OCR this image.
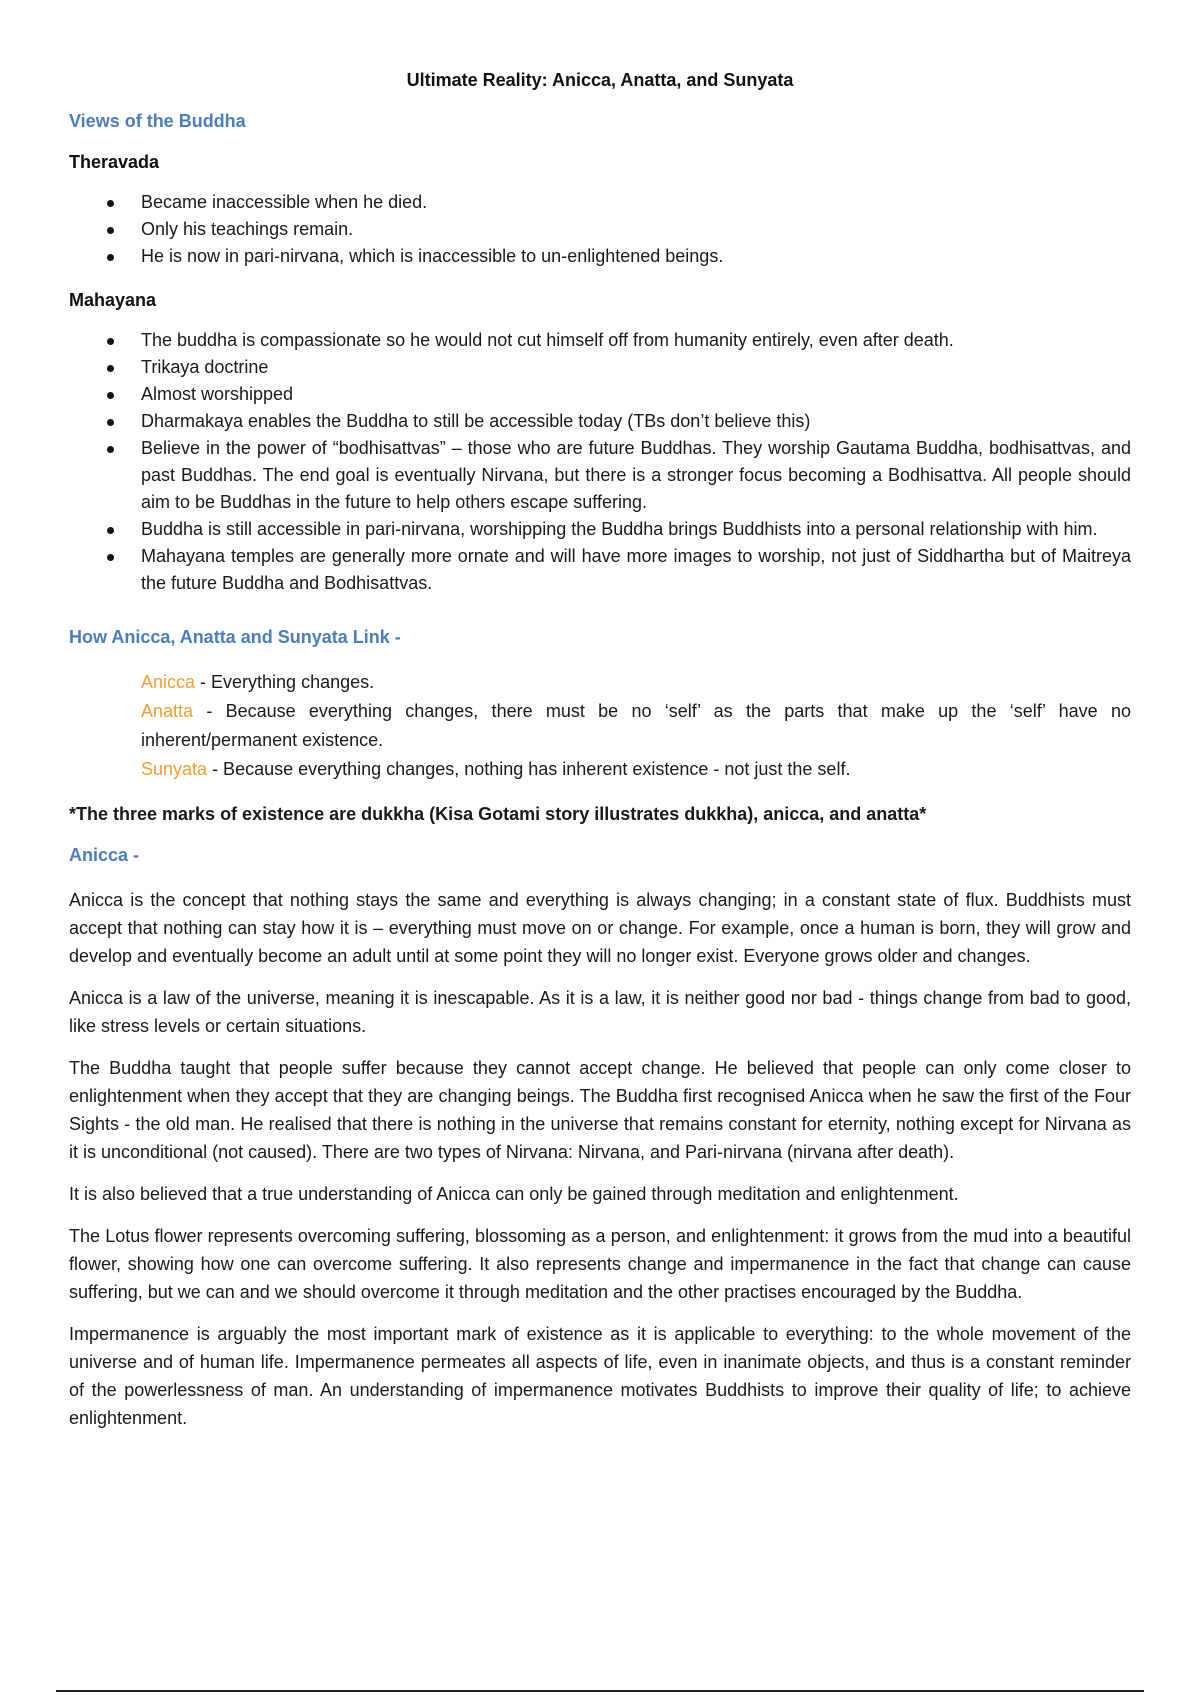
Ultimate Reality: Anicca, Anatta, and Sunyata

Views of the Buddha

Theravada

Became inaccessible when he died.
Only his teachings remain.
He is now in pari-nirvana, which is inaccessible to un-enlightened beings.

Mahayana

The buddha is compassionate so he would not cut himself off from humanity entirely, even after death.
Trikaya doctrine
Almost worshipped
Dharmakaya enables the Buddha to still be accessible today (TBs don’t believe this)
Believe in the power of “bodhisattvas” – those who are future Buddhas. They worship Gautama Buddha, bodhisattvas, and past Buddhas. The end goal is eventually Nirvana, but there is a stronger focus becoming a Bodhisattva. All people should aim to be Buddhas in the future to help others escape suffering.
Buddha is still accessible in pari-nirvana, worshipping the Buddha brings Buddhists into a personal relationship with him.
Mahayana temples are generally more ornate and will have more images to worship, not just of Siddhartha but of Maitreya the future Buddha and Bodhisattvas.

How Anicca, Anatta and Sunyata Link -

Anicca - Everything changes.

Anatta - Because everything changes, there must be no ‘self’ as the parts that make up the ‘self’ have no inherent/permanent existence.

Sunyata - Because everything changes, nothing has inherent existence - not just the self.

*The three marks of existence are dukkha (Kisa Gotami story illustrates dukkha), anicca, and anatta*

Anicca -

Anicca is the concept that nothing stays the same and everything is always changing; in a constant state of flux. Buddhists must accept that nothing can stay how it is – everything must move on or change. For example, once a human is born, they will grow and develop and eventually become an adult until at some point they will no longer exist. Everyone grows older and changes.

Anicca is a law of the universe, meaning it is inescapable. As it is a law, it is neither good nor bad - things change from bad to good, like stress levels or certain situations.

The Buddha taught that people suffer because they cannot accept change. He believed that people can only come closer to enlightenment when they accept that they are changing beings. The Buddha first recognised Anicca when he saw the first of the Four Sights - the old man. He realised that there is nothing in the universe that remains constant for eternity, nothing except for Nirvana as it is unconditional (not caused). There are two types of Nirvana: Nirvana, and Pari-nirvana (nirvana after death).

It is also believed that a true understanding of Anicca can only be gained through meditation and enlightenment.

The Lotus flower represents overcoming suffering, blossoming as a person, and enlightenment: it grows from the mud into a beautiful flower, showing how one can overcome suffering. It also represents change and impermanence in the fact that change can cause suffering, but we can and we should overcome it through meditation and the other practises encouraged by the Buddha.

Impermanence is arguably the most important mark of existence as it is applicable to everything: to the whole movement of the universe and of human life. Impermanence permeates all aspects of life, even in inanimate objects, and thus is a constant reminder of the powerlessness of man. An understanding of impermanence motivates Buddhists to improve their quality of life; to achieve enlightenment.
